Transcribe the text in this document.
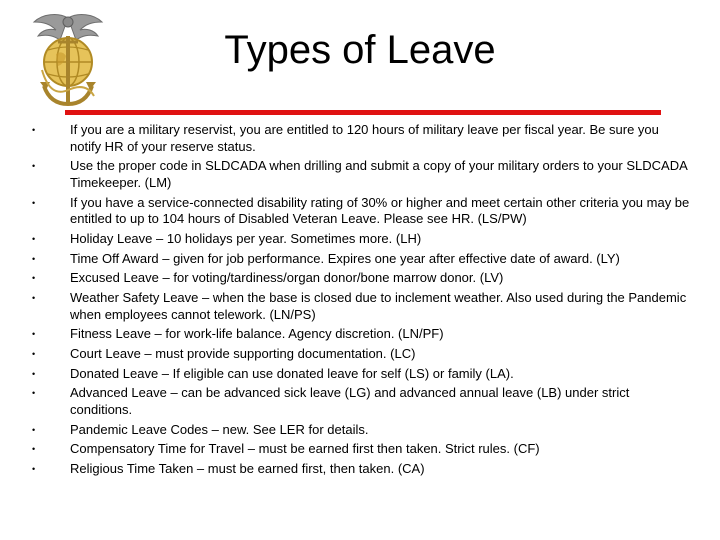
Types of Leave
•	If you are a military reservist, you are entitled to 120 hours of military leave per fiscal year. Be sure you notify HR of your reserve status.
•	Use the proper code in SLDCADA when drilling and submit a copy of your military orders to your SLDCADA Timekeeper. (LM)
•	If you have a service-connected disability rating of 30% or higher and meet certain other criteria you may be entitled to up to 104 hours of Disabled Veteran Leave. Please see HR. (LS/PW)
•	Holiday Leave – 10 holidays per year. Sometimes more. (LH)
•	Time Off Award – given for job performance. Expires one year after effective date of award. (LY)
•	Excused Leave – for voting/tardiness/organ donor/bone marrow donor. (LV)
•	Weather Safety Leave – when the base is closed due to inclement weather. Also used during the Pandemic when employees cannot telework. (LN/PS)
•	Fitness Leave – for work-life balance. Agency discretion. (LN/PF)
•	Court Leave – must provide supporting documentation. (LC)
•	Donated Leave – If eligible can use donated leave for self (LS) or family (LA).
•	Advanced Leave – can be advanced sick leave (LG) and advanced annual leave (LB) under strict conditions.
•	Pandemic Leave Codes – new. See LER for details.
•	Compensatory Time for Travel – must be earned first then taken. Strict rules. (CF)
•	Religious Time Taken – must be earned first, then taken. (CA)
